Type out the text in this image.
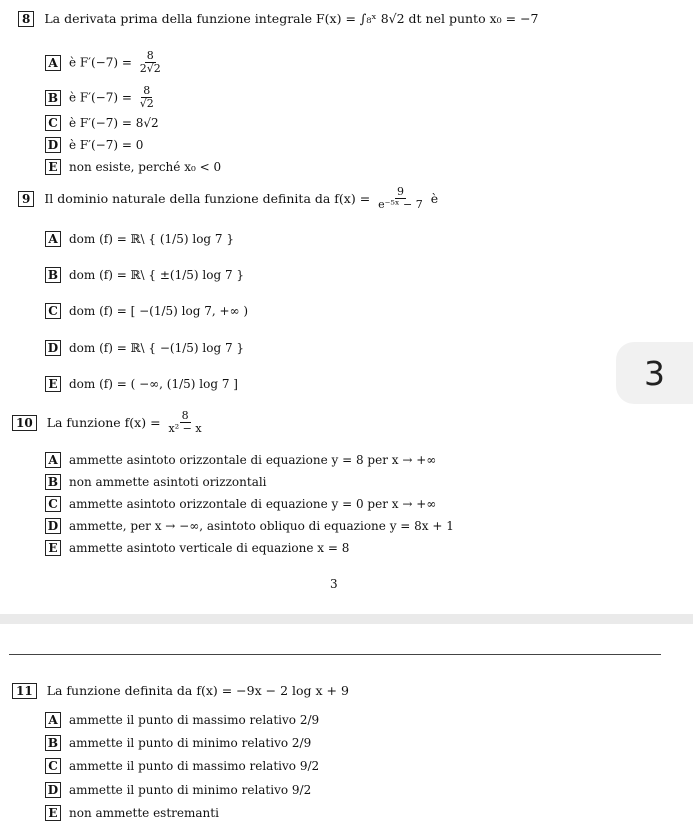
8 La derivata prima della funzione integrale F(x) = ∫₈ˣ 8√2 dt nel punto x₀ = −7
A è $F'(-7) = \frac{8}{2√2}$
B è $F'(-7) = \frac{8}{√2}$
C è F′(−7) = 8√2
D è F′(−7) = 0
E non esiste, perché x₀ < 0
9 Il dominio naturale della funzione definita da $f(x) = \frac{9}{\text{e⁻⁵ˣ − 7}}$ è
A dom (f) = ℝ\ { (1/5) log 7 }
B dom (f) = ℝ\ { ±(1/5) log 7 }
C dom (f) = [ −(1/5) log 7, +∞ )
D dom (f) = ℝ\ { −(1/5) log 7 }
E dom (f) = ( −∞, (1/5) log 7 ]
10 La funzione $f(x) = \frac{8}{\text{x² − x}}$
A ammette asintoto orizzontale di equazione y = 8 per x → +∞
B non ammette asintoti orizzontali
C ammette asintoto orizzontale di equazione y = 0 per x → +∞
D ammette, per x → −∞, asintoto obliquo di equazione y = 8x + 1
E ammette asintoto verticale di equazione x = 8
3
3
11 La funzione definita da f(x) = −9x − 2 log x + 9
A ammette il punto di massimo relativo 2/9
B ammette il punto di minimo relativo 2/9
C ammette il punto di massimo relativo 9/2
D ammette il punto di minimo relativo 9/2
E non ammette estremanti
